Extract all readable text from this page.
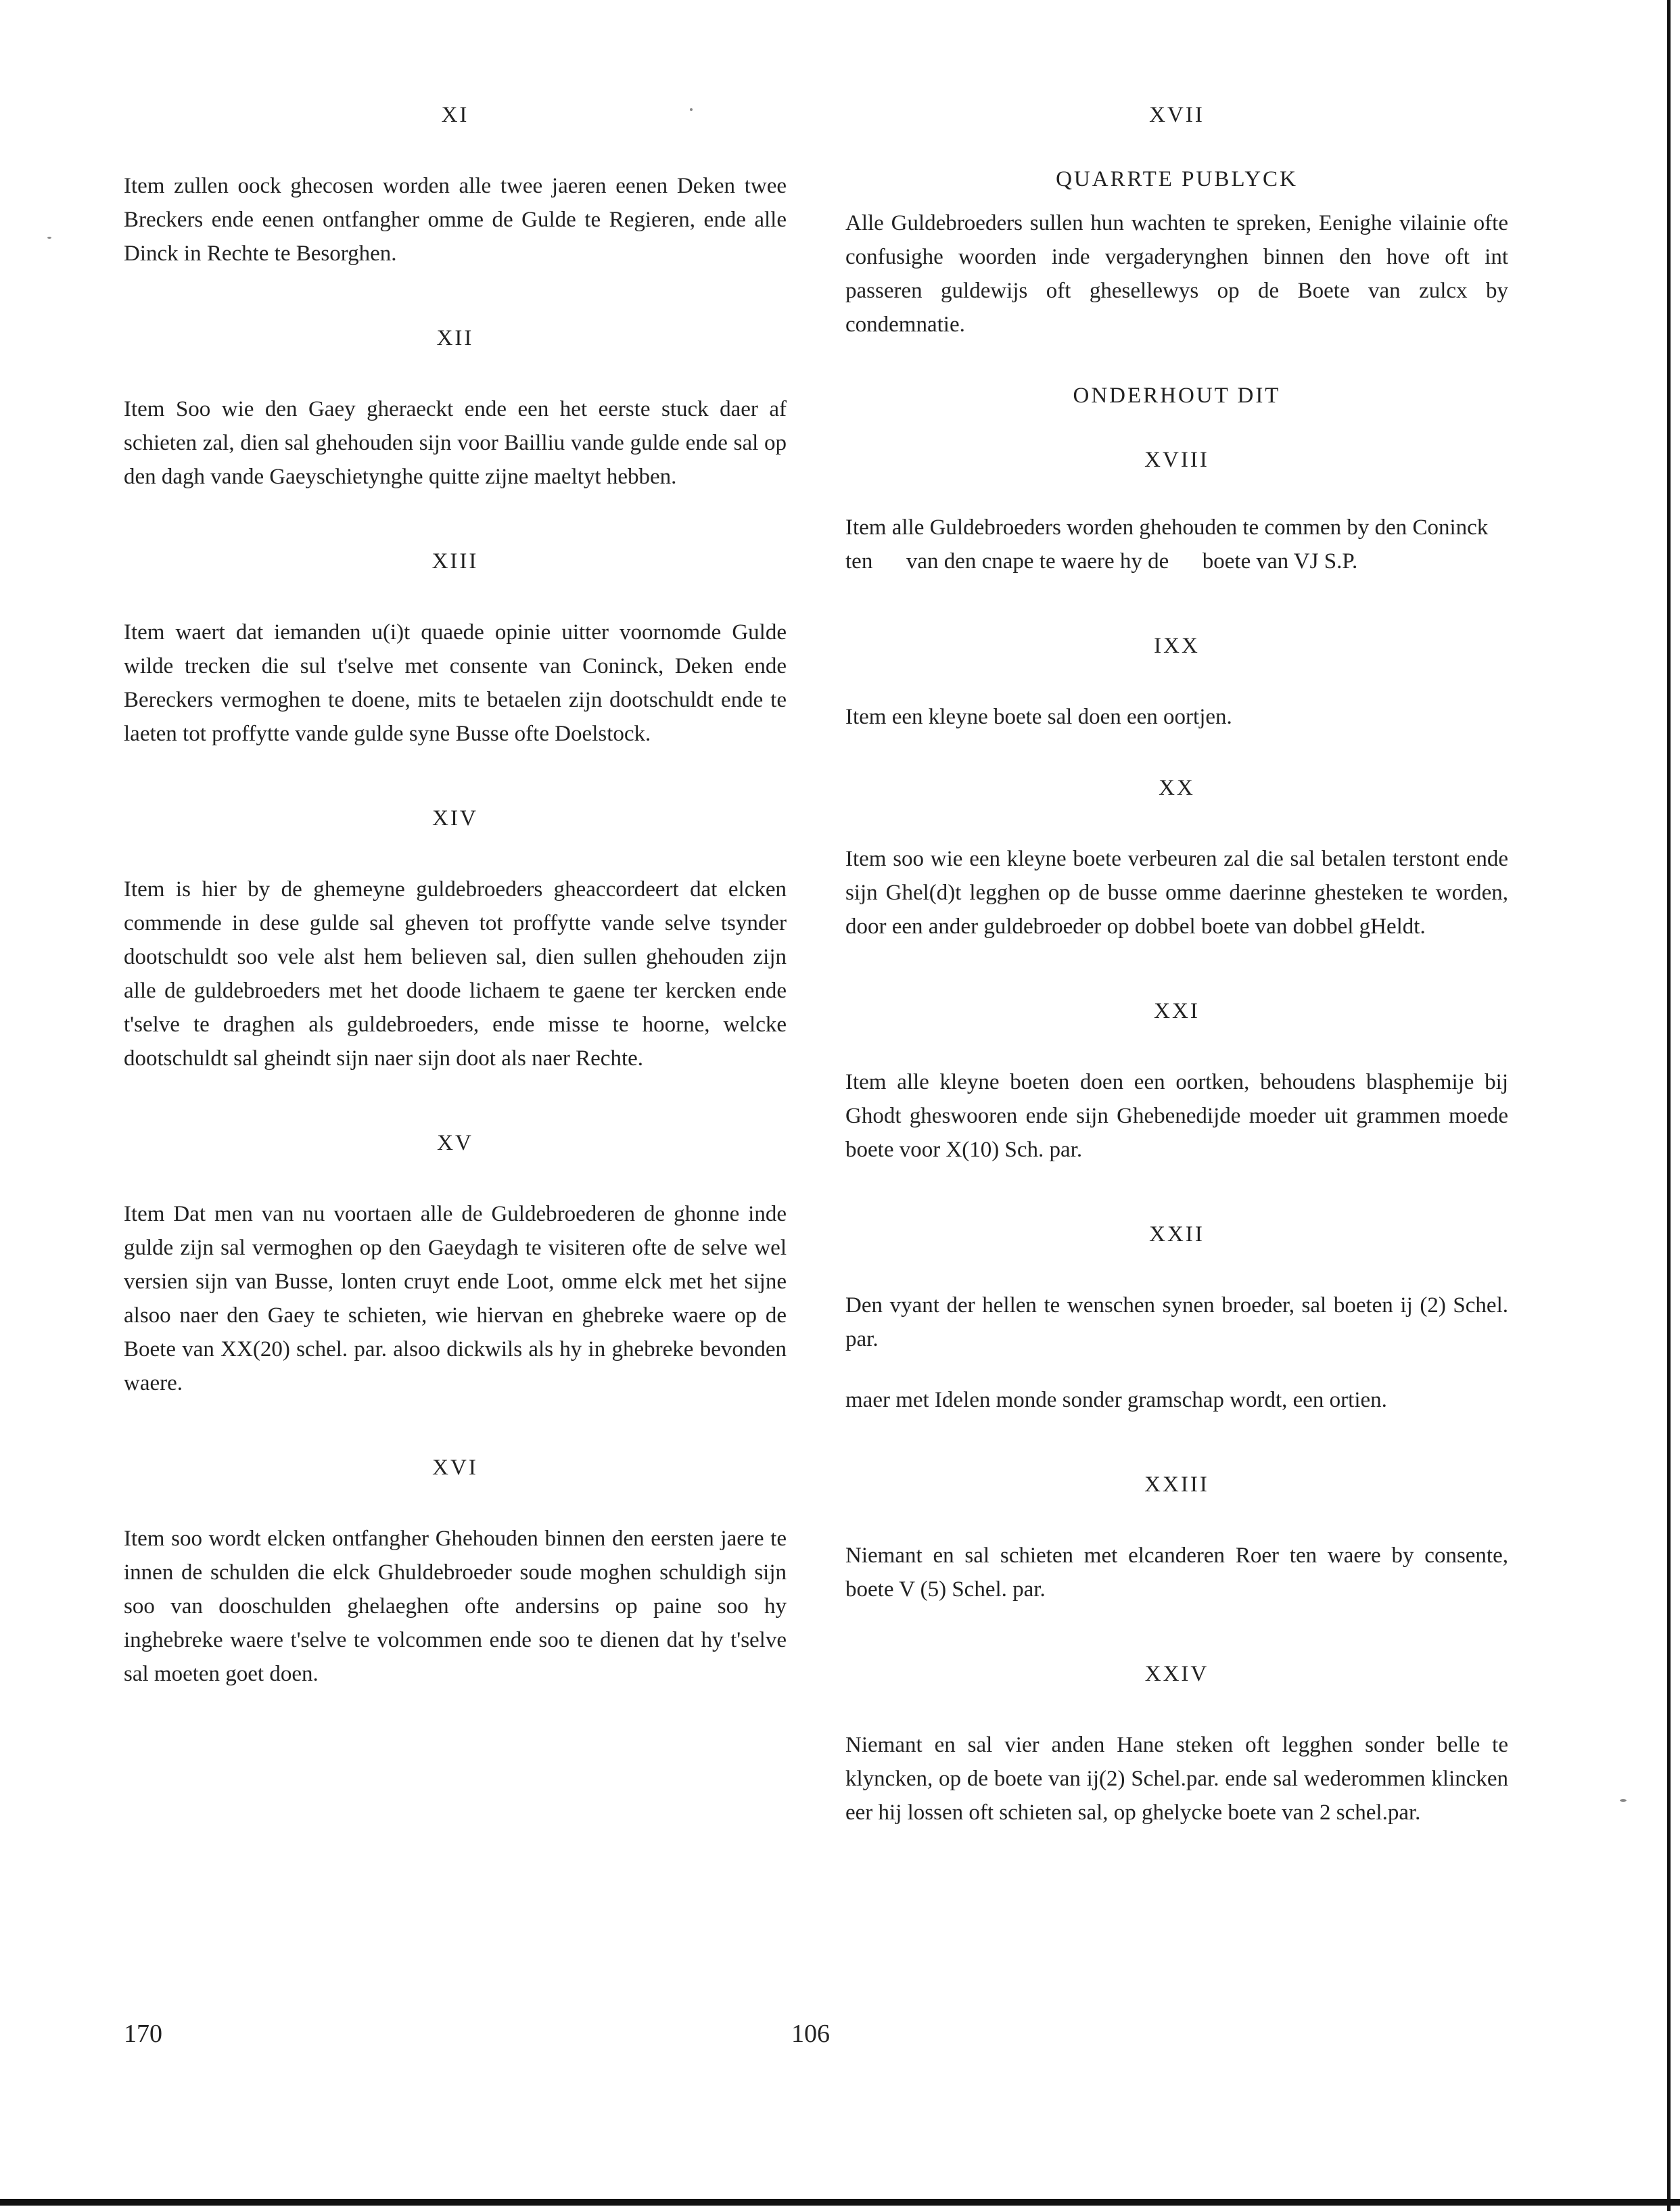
XI

Item zullen oock ghecosen worden alle twee jaeren eenen Deken twee Breckers ende eenen ontfangher omme de Gulde te Regieren, ende alle Dinck in Rechte te Besorghen.

XII

Item Soo wie den Gaey gheraeckt ende een het eerste stuck daer af schieten zal, dien sal ghehouden sijn voor Bailliu vande gulde ende sal op den dagh vande Gaeyschietynghe quitte zijne maeltyt hebben.

XIII

Item waert dat iemanden u(i)t quaede opinie uitter voornomde Gulde wilde trecken die sul t'selve met consente van Coninck, Deken ende Bereckers vermoghen te doene, mits te betaelen zijn dootschuldt ende te laeten tot proffytte vande gulde syne Busse ofte Doelstock.

XIV

Item is hier by de ghemeyne guldebroeders gheaccordeert dat elcken commende in dese gulde sal gheven tot proffytte vande selve tsynder dootschuldt soo vele alst hem believen sal, dien sullen ghehouden zijn alle de guldebroeders met het doode lichaem te gaene ter kercken ende t'selve te draghen als guldebroeders, ende misse te hoorne, welcke dootschuldt sal gheindt sijn naer sijn doot als naer Rechte.

XV

Item Dat men van nu voortaen alle de Guldebroederen de ghonne inde gulde zijn sal vermoghen op den Gaeydagh te visiteren ofte de selve wel versien sijn van Busse, lonten cruyt ende Loot, omme elck met het sijne alsoo naer den Gaey te schieten, wie hiervan en ghebreke waere op de Boete van XX(20) schel. par. alsoo dickwils als hy in ghebreke bevonden waere.

XVI

Item soo wordt elcken ontfangher Ghehouden binnen den eersten jaere te innen de schulden die elck Ghuldebroeder soude moghen schuldigh sijn soo van dooschulden ghelaeghen ofte andersins op paine soo hy inghebreke waere t'selve te volcommen ende soo te dienen dat hy t'selve sal moeten goet doen.

XVII
QUARRTE PUBLYCK

Alle Guldebroeders sullen hun wachten te spreken, Eenighe vilainie ofte confusighe woorden inde vergaderynghen binnen den hove oft int passeren guldewijs oft ghesellewys op de Boete van zulcx by condemnatie.

ONDERHOUT DIT
XVIII

Item alle Guldebroeders worden ghehouden te commen by den Coninck ten      van den cnape te waere hy de      boete van VJ S.P.

IXX

Item een kleyne boete sal doen een oortjen.

XX

Item soo wie een kleyne boete verbeuren zal die sal betalen terstont ende sijn Ghel(d)t legghen op de busse omme daerinne ghesteken te worden, door een ander guldebroeder op dobbel boete van dobbel gHeldt.

XXI

Item alle kleyne boeten doen een oortken, behoudens blasphemije bij Ghodt gheswooren ende sijn Ghebenedijde moeder uit grammen moede boete voor X(10) Sch. par.

XXII

Den vyant der hellen te wenschen synen broeder, sal boeten ij (2) Schel. par.

maer met Idelen monde sonder gramschap wordt, een ortien.

XXIII

Niemant en sal schieten met elcanderen Roer ten waere by consente, boete V (5) Schel. par.

XXIV

Niemant en sal vier anden Hane steken oft legghen sonder belle te klyncken, op de boete van ij(2) Schel.par. ende sal wederommen klincken eer hij lossen oft schieten sal, op ghelycke boete van 2 schel.par.

170	106
